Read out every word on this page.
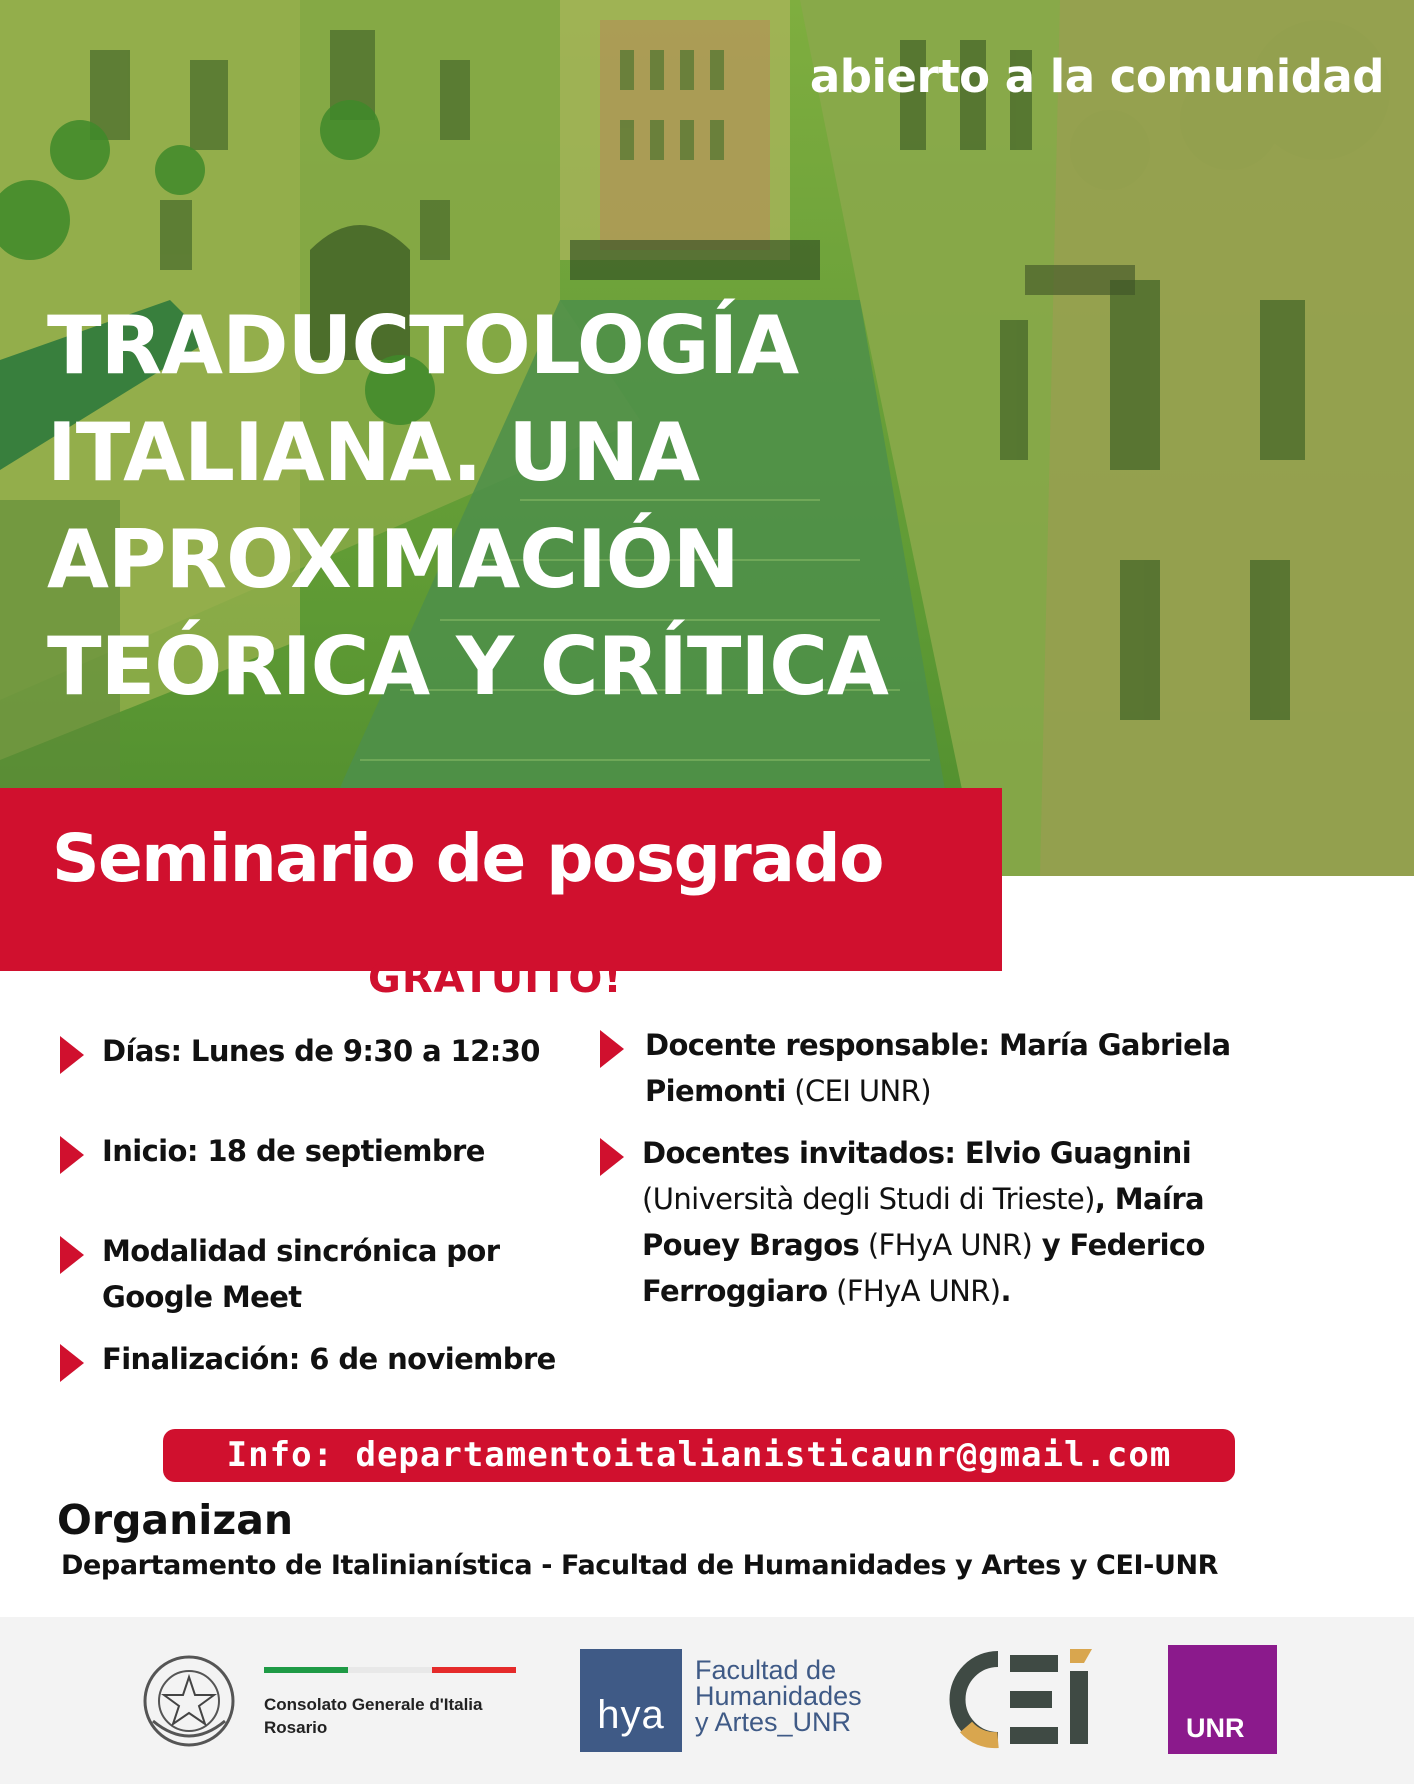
abierto a la comunidad
TRADUCTOLOGÍA ITALIANA. UNA APROXIMACIÓN TEÓRICA Y CRÍTICA
Seminario de posgrado
GRATUITO!
Días: Lunes de 9:30 a 12:30
Inicio: 18 de septiembre
Modalidad sincrónica por Google Meet
Finalización: 6 de noviembre
Docente responsable: María Gabriela Piemonti (CEI UNR)
Docentes invitados: Elvio Guagnini (Università degli Studi di Trieste), Maíra Pouey Bragos (FHyA UNR) y Federico Ferroggiaro (FHyA UNR).
Info: departamentoitalianisticaunr@gmail.com
Organizan
Departamento de Italinianística - Facultad de Humanidades y Artes y CEI-UNR
Consolato Generale d'Italia
Rosario	hya
Facultad de
Humanidades
y Artes_UNR	UNR
